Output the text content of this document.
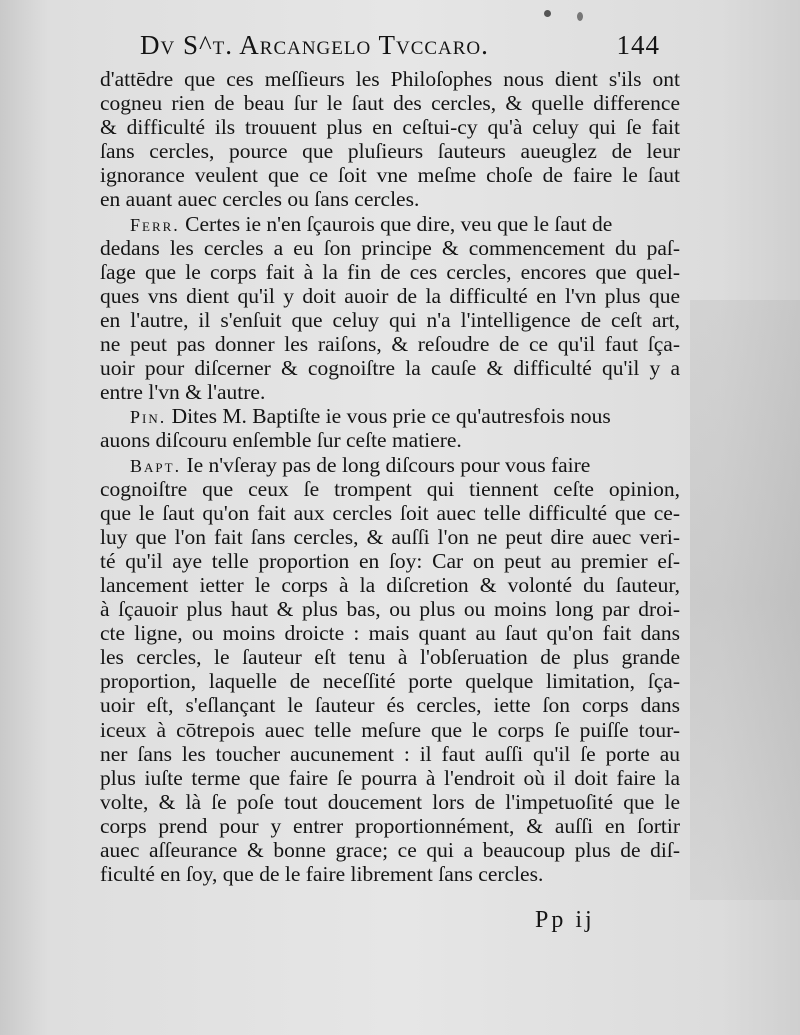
Dv S^t. Arcangelo Tvccaro.	144
d'attēdre que ces meſſieurs les Philoſophes nous dient s'ils ont
cogneu rien de beau ſur le ſaut des cercles, & quelle difference
& difficulté ils trouuent plus en ceſtui-cy qu'à celuy qui ſe fait
ſans cercles, pource que pluſieurs ſauteurs aueuglez de leur
ignorance veulent que ce ſoit vne meſme choſe de faire le ſaut
en auant auec cercles ou ſans cercles.
Ferr. Certes ie n'en ſçaurois que dire, veu que le ſaut de
dedans les cercles a eu ſon principe & commencement du paſ-
ſage que le corps fait à la fin de ces cercles, encores que quel-
ques vns dient qu'il y doit auoir de la difficulté en l'vn plus que
en l'autre, il s'enſuit que celuy qui n'a l'intelligence de ceſt art,
ne peut pas donner les raiſons, & reſoudre de ce qu'il faut ſça-
uoir pour diſcerner & cognoiſtre la cauſe & difficulté qu'il y a
entre l'vn & l'autre.
Pin. Dites M. Baptiſte ie vous prie ce qu'autresfois nous
auons diſcouru enſemble ſur ceſte matiere.
Bapt. Ie n'vſeray pas de long diſcours pour vous faire
cognoiſtre que ceux ſe trompent qui tiennent ceſte opinion,
que le ſaut qu'on fait aux cercles ſoit auec telle difficulté que ce-
luy que l'on fait ſans cercles, & auſſi l'on ne peut dire auec veri-
té qu'il aye telle proportion en ſoy: Car on peut au premier eſ-
lancement ietter le corps à la diſcretion & volonté du ſauteur,
à ſçauoir plus haut & plus bas, ou plus ou moins long par droi-
cte ligne, ou moins droicte : mais quant au ſaut qu'on fait dans
les cercles, le ſauteur eſt tenu à l'obſeruation de plus grande
proportion, laquelle de neceſſité porte quelque limitation, ſça-
uoir eſt, s'eſlançant le ſauteur és cercles, iette ſon corps dans
iceux à cōtrepois auec telle meſure que le corps ſe puiſſe tour-
ner ſans les toucher aucunement : il faut auſſi qu'il ſe porte au
plus iuſte terme que faire ſe pourra à l'endroit où il doit faire la
volte, & là ſe poſe tout doucement lors de l'impetuoſité que le
corps prend pour y entrer proportionnément, & auſſi en ſortir
auec aſſeurance & bonne grace; ce qui a beaucoup plus de diſ-
ficulté en ſoy, que de le faire librement ſans cercles.
Pp ij
